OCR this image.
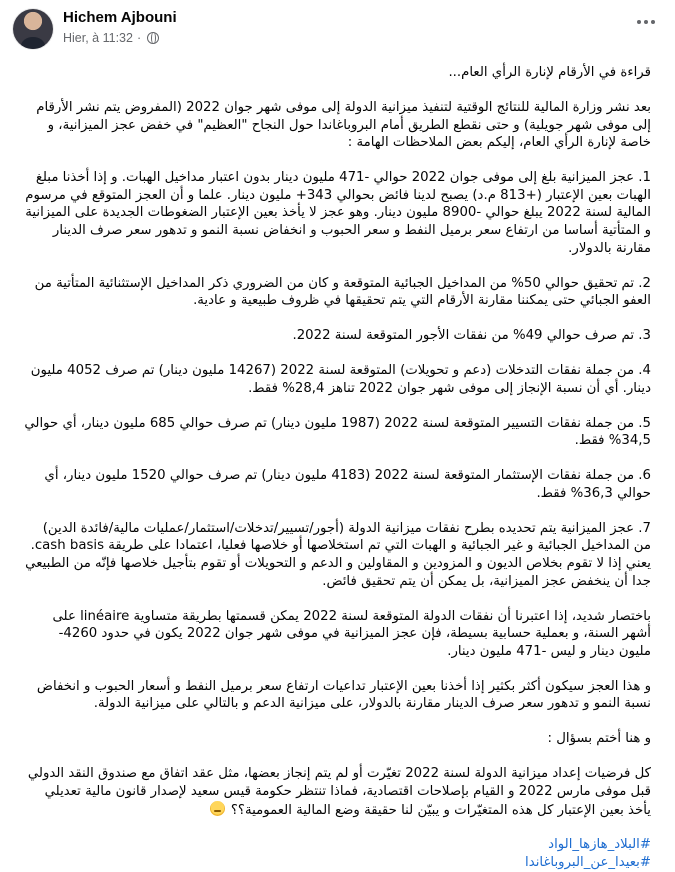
Hichem Ajbouni
Hier, à 11:32 ·

قراءة في الأرقام لإنارة الرأي العام...

بعد نشر وزارة المالية للنتائج الوقتية لتنفيذ ميزانية الدولة إلى موفى شهر جوان 2022 (المفروض يتم نشر الأرقام إلى موفى شهر جويلية) و حتى نقطع الطريق أمام البروباغاندا حول النجاح "العظيم" في خفض عجز الميزانية، و خاصة لإنارة الرأي العام، إليكم بعض الملاحظات الهامة :

1. عجز الميزانية بلغ إلى موفى جوان 2022 حوالي -471 مليون دينار بدون اعتبار مداخيل الهبات. و إذا أخذنا مبلغ الهبات بعين الإعتبار (+813 م.د) يصبح لدينا فائض بحوالي 343+ مليون دينار. علما و أن العجز المتوقع في مرسوم المالية لسنة 2022 يبلغ حوالي -8900 مليون دينار. وهو عجز لا يأخذ بعين الإعتبار الضغوطات الجديدة على الميزانية و المتأتية أساسا من ارتفاع سعر برميل النفط و سعر الحبوب و انخفاض نسبة النمو و تدهور سعر صرف الدينار مقارنة بالدولار.

2. تم تحقيق حوالي 50% من المداخيل الجبائية المتوقعة و كان من الضروري ذكر المداخيل الإستثنائية المتأتية من العفو الجبائي حتى يمكننا مقارنة الأرقام التي يتم تحقيقها في ظروف طبيعية و عادية.

3. تم صرف حوالي 49% من نفقات الأجور المتوقعة لسنة 2022.

4. من جملة نفقات التدخلات (دعم و تحويلات) المتوقعة لسنة 2022 (14267 مليون دينار) تم صرف 4052 مليون دينار. أي أن نسبة الإنجاز إلى موفى شهر جوان 2022 تناهز 28,4% فقط.

5. من جملة نفقات التسيير المتوقعة لسنة 2022 (1987 مليون دينار) تم صرف حوالي 685 مليون دينار، أي حوالي 34,5% فقط.

6. من جملة نفقات الإستثمار المتوقعة لسنة 2022 (4183 مليون دينار) تم صرف حوالي 1520 مليون دينار، أي حوالي 36,3% فقط.

7. عجز الميزانية يتم تحديده بطرح نفقات ميزانية الدولة (أجور/تسيير/تدخلات/استثمار/عمليات مالية/فائدة الدين) من المداخيل الجبائية و غير الجبائية و الهبات التي تم استخلاصها أو خلاصها فعليا، اعتمادا على طريقة cash basis. يعني إذا لا تقوم بخلاص الديون و المزودين و المقاولين و الدعم و التحويلات أو تقوم بتأجيل خلاصها فإنّه من الطبيعي جدا أن ينخفض عجز الميزانية، بل يمكن أن يتم تحقيق فائض.

باختصار شديد، إذا اعتبرنا أن نفقات الدولة المتوقعة لسنة 2022 يمكن قسمتها بطريقة متساوية linéaire على أشهر السنة، و بعملية حسابية بسيطة، فإن عجز الميزانية في موفى شهر جوان 2022 يكون في حدود 4260- مليون دينار و ليس -471 مليون دينار.

و هذا العجز سيكون أكثر بكثير إذا أخذنا بعين الإعتبار تداعيات ارتفاع سعر برميل النفط و أسعار الحبوب و انخفاض نسبة النمو و تدهور سعر صرف الدينار مقارنة بالدولار، على ميزانية الدعم و بالتالي على ميزانية الدولة.

و هنا أختم بسؤال :

كل فرضيات إعداد ميزانية الدولة لسنة 2022 تغيّرت أو لم يتم إنجاز بعضها، مثل عقد اتفاق مع صندوق النقد الدولي قبل موفى مارس 2022 و القيام بإصلاحات اقتصادية، فماذا تنتظر حكومة قيس سعيد لإصدار قانون مالية تعديلي يأخذ بعين الإعتبار كل هذه المتغيّرات و يبيّن لنا حقيقة وضع المالية العمومية؟؟

#البلاد_هازها_الواد
#بعيدا_عن_البروباغاندا
